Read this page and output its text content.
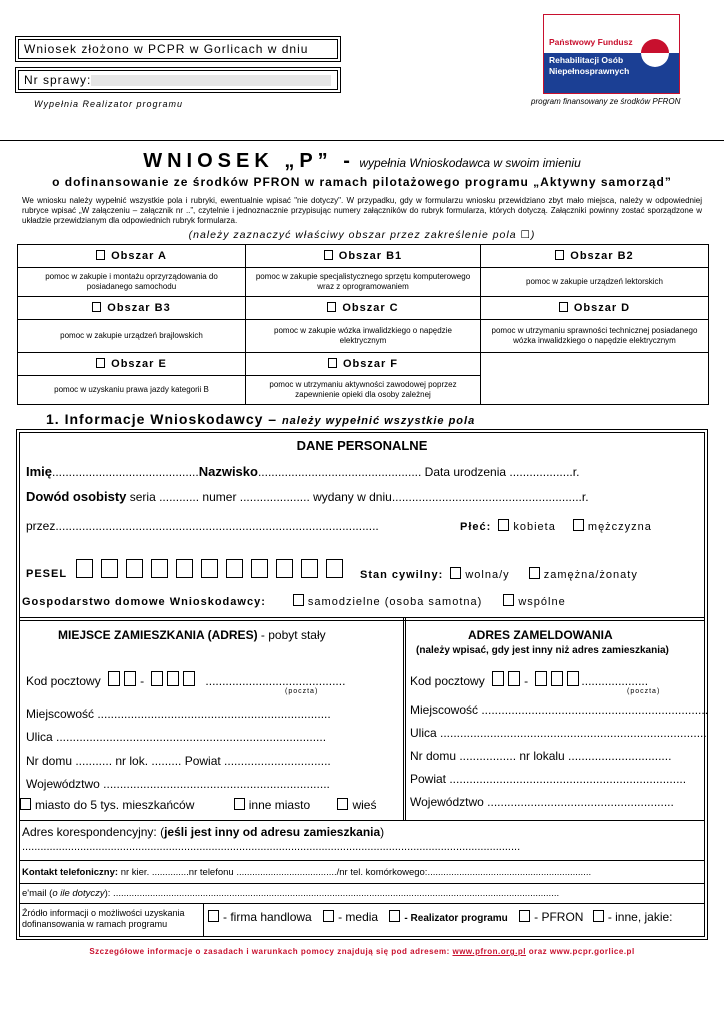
Wniosek złożono w PCPR w Gorlicach w dniu
Nr sprawy:
Wypełnia Realizator programu
Państwowy Fundusz
Rehabilitacji Osób
Niepełnosprawnych
program finansowany ze środków PFRON
WNIOSEK „P” - wypełnia Wnioskodawca w swoim imieniu
o dofinansowanie ze środków PFRON w ramach pilotażowego programu „Aktywny samorząd”
We wniosku należy wypełnić wszystkie pola i rubryki, ewentualnie wpisać "nie dotyczy". W przypadku, gdy w formularzu wniosku przewidziano zbyt mało miejsca, należy w odpowiedniej rubryce wpisać „W załączeniu – załącznik nr ..”, czytelnie i jednoznacznie przypisując numery załączników do rubryk formularza, których dotyczą. Załączniki powinny zostać sporządzone w układzie przewidzianym dla odpowiednich rubryk formularza.
(należy zaznaczyć właściwy obszar przez zakreślenie pola ☐)
Obszar A	Obszar B1	Obszar B2
pomoc w zakupie i montażu oprzyrządowania do posiadanego samochodu	pomoc w zakupie specjalistycznego sprzętu komputerowego wraz z oprogramowaniem	pomoc w zakupie urządzeń lektorskich
Obszar B3	Obszar C	Obszar D
pomoc w zakupie urządzeń brajlowskich	pomoc w zakupie wózka inwalidzkiego o napędzie elektrycznym	pomoc w utrzymaniu sprawności technicznej posiadanego wózka inwalidzkiego o napędzie elektrycznym
Obszar E	Obszar F	
pomoc w uzyskaniu prawa jazdy kategorii B	pomoc w utrzymaniu aktywności zawodowej poprzez zapewnienie opieki dla osoby zależnej	
1. Informacje Wnioskodawcy – należy wypełnić wszystkie pola
DANE PERSONALNE
Imię............................................Nazwisko................................................. Data urodzenia ...................r.
Dowód osobisty seria ............ numer ..................... wydany w dniu.........................................................r.
przez.................................................................................................	Płeć: kobieta	mężczyzna
PESEL	Stan cywilny: wolna/y	zamężna/żonaty
Gospodarstwo domowe Wnioskodawcy:	samodzielne (osoba samotna)	wspólne
MIEJSCE ZAMIESZKANIA (ADRES) - pobyt stały
Kod pocztowy	-	..........................................
(poczta)
Miejscowość ......................................................................
Ulica .................................................................................
Nr domu ........... nr lok. ......... Powiat ................................
Województwo ....................................................................
miasto do 5 tys. mieszkańców	inne miasto	wieś
ADRES ZAMELDOWANIA
(należy wpisać, gdy jest inny niż adres zamieszkania)
Kod pocztowy	-	....................
(poczta)
Miejscowość ....................................................................
Ulica ................................................................................
Nr domu ................. nr lokalu ...............................
Powiat .......................................................................
Województwo ........................................................
Adres korespondencyjny: (jeśli jest inny od adresu zamieszkania)
...................................................................................................................................................................
Kontakt telefoniczny: nr kier. ..............nr telefonu ....................................../nr tel. komórkowego:..............................................................
e'mail (o ile dotyczy): .........................................................................................................................................................................
Źródło informacji o możliwości uzyskania dofinansowania w ramach programu	- firma handlowa - media	- Realizator programu - PFRON - inne, jakie:
Szczegółowe informacje o zasadach i warunkach pomocy znajdują się pod adresem: www.pfron.org.pl oraz www.pcpr.gorlice.pl
